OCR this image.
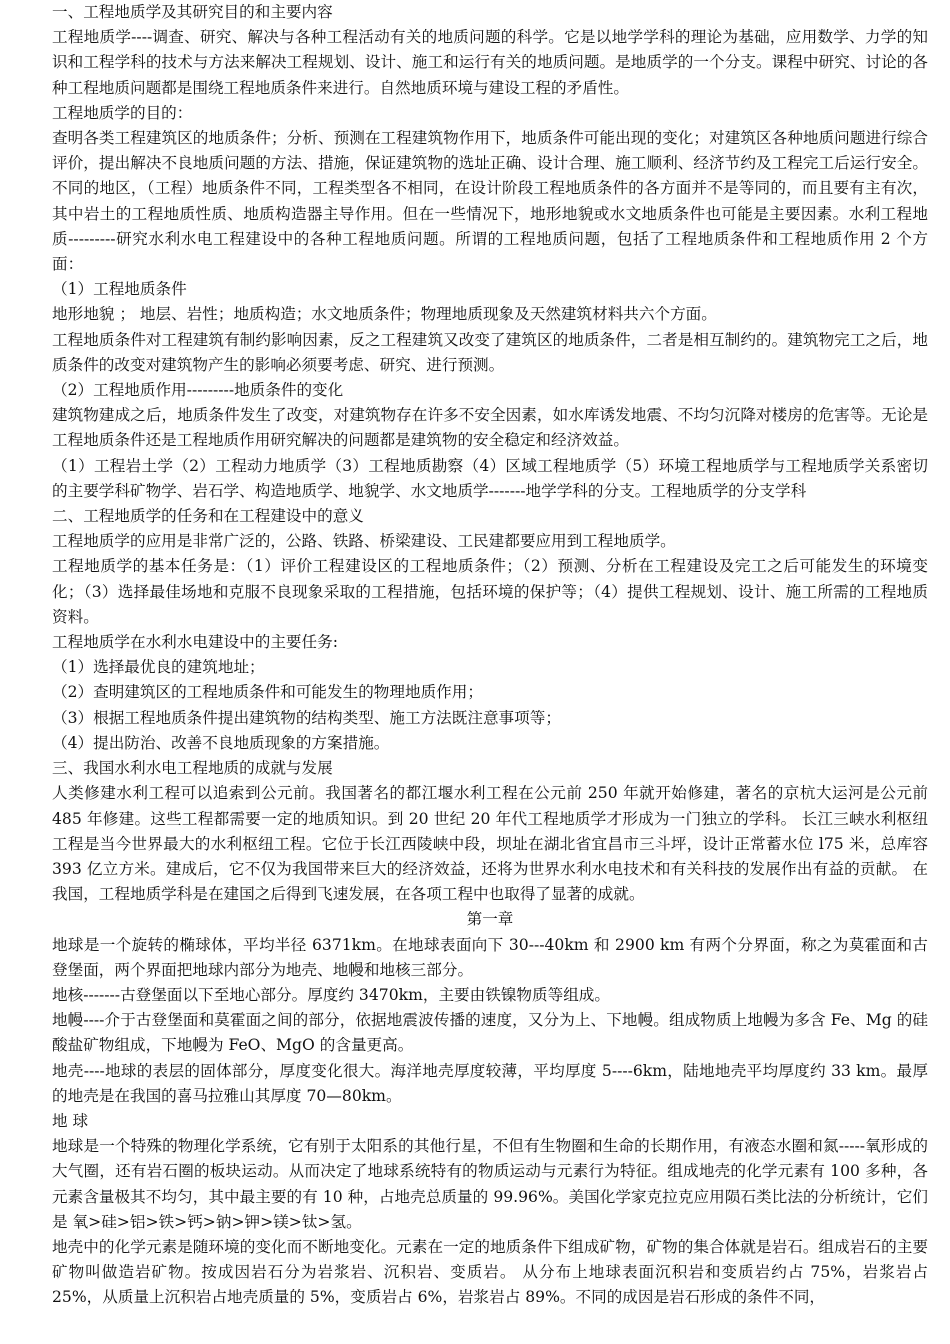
一、工程地质学及其研究目的和主要内容

工程地质学----调查、研究、解决与各种工程活动有关的地质问题的科学。它是以地学学科的理论为基础，应用数学、力学的知识和工程学科的技术与方法来解决工程规划、设计、施工和运行有关的地质问题。是地质学的一个分支。课程中研究、讨论的各种工程地质问题都是围绕工程地质条件来进行。自然地质环境与建设工程的矛盾性。

工程地质学的目的：

查明各类工程建筑区的地质条件；分析、预测在工程建筑物作用下，地质条件可能出现的变化；对建筑区各种地质问题进行综合评价，提出解决不良地质问题的方法、措施，保证建筑物的选址正确、设计合理、施工顺利、经济节约及工程完工后运行安全。不同的地区，（工程）地质条件不同，工程类型各不相同，在设计阶段工程地质条件的各方面并不是等同的，而且要有主有次，其中岩土的工程地质性质、地质构造器主导作用。但在一些情况下，地形地貌或水文地质条件也可能是主要因素。水利工程地质---------研究水利水电工程建设中的各种工程地质问题。所谓的工程地质问题，包括了工程地质条件和工程地质作用 2 个方面：

（1）工程地质条件

地形地貌 ； 地层、岩性；地质构造；水文地质条件；物理地质现象及天然建筑材料共六个方面。

工程地质条件对工程建筑有制约影响因素，反之工程建筑又改变了建筑区的地质条件，二者是相互制约的。建筑物完工之后，地质条件的改变对建筑物产生的影响必须要考虑、研究、进行预测。

（2）工程地质作用---------地质条件的变化

建筑物建成之后，地质条件发生了改变，对建筑物存在许多不安全因素，如水库诱发地震、不均匀沉降对楼房的危害等。无论是工程地质条件还是工程地质作用研究解决的问题都是建筑物的安全稳定和经济效益。

（1）工程岩土学（2）工程动力地质学（3）工程地质勘察（4）区域工程地质学（5）环境工程地质学与工程地质学关系密切的主要学科矿物学、岩石学、构造地质学、地貌学、水文地质学-------地学学科的分支。工程地质学的分支学科

二、工程地质学的任务和在工程建设中的意义

工程地质学的应用是非常广泛的，公路、铁路、桥梁建设、工民建都要应用到工程地质学。

工程地质学的基本任务是：（1）评价工程建设区的工程地质条件；（2）预测、分析在工程建设及完工之后可能发生的环境变化；（3）选择最佳场地和克服不良现象采取的工程措施，包括环境的保护等；（4）提供工程规划、设计、施工所需的工程地质资料。

工程地质学在水利水电建设中的主要任务:

（1）选择最优良的建筑地址；

（2）查明建筑区的工程地质条件和可能发生的物理地质作用；

（3）根据工程地质条件提出建筑物的结构类型、施工方法既注意事项等；

（4）提出防治、改善不良地质现象的方案措施。

三、我国水利水电工程地质的成就与发展

人类修建水利工程可以追索到公元前。我国著名的都江堰水利工程在公元前 250 年就开始修建，著名的京杭大运河是公元前 485 年修建。这些工程都需要一定的地质知识。到 20 世纪 20 年代工程地质学才形成为一门独立的学科。 长江三峡水利枢纽工程是当今世界最大的水利枢纽工程。它位于长江西陵峡中段，坝址在湖北省宜昌市三斗坪，设计正常蓄水位 l75 米，总库容 393 亿立方米。建成后，它不仅为我国带来巨大的经济效益，还将为世界水利水电技术和有关科技的发展作出有益的贡献。 在我国，工程地质学科是在建国之后得到飞速发展，在各项工程中也取得了显著的成就。

第一章

地球是一个旋转的椭球体，平均半径 6371km。在地球表面向下 30---40km 和 2900 km 有两个分界面，称之为莫霍面和古登堡面，两个界面把地球内部分为地壳、地幔和地核三部分。

地核-------古登堡面以下至地心部分。厚度约 3470km，主要由铁镍物质等组成。

地幔----介于古登堡面和莫霍面之间的部分，依据地震波传播的速度，又分为上、下地幔。组成物质上地幔为多含 Fe、Mg 的硅酸盐矿物组成，下地幔为 FeO、MgO 的含量更高。

地壳----地球的表层的固体部分，厚度变化很大。海洋地壳厚度较薄，平均厚度 5----6km，陆地地壳平均厚度约 33 km。最厚的地壳是在我国的喜马拉雅山其厚度 70—80km。

地 球

地球是一个特殊的物理化学系统，它有别于太阳系的其他行星，不但有生物圈和生命的长期作用，有液态水圈和氮-----氧形成的大气圈，还有岩石圈的板块运动。从而决定了地球系统特有的物质运动与元素行为特征。组成地壳的化学元素有 100 多种，各元素含量极其不均匀，其中最主要的有 10 种，占地壳总质量的 99.96%。美国化学家克拉克应用陨石类比法的分析统计，它们是 氧>硅>铝>铁>钙>钠>钾>镁>钛>氢。

地壳中的化学元素是随环境的变化而不断地变化。元素在一定的地质条件下组成矿物，矿物的集合体就是岩石。组成岩石的主要矿物叫做造岩矿物。按成因岩石分为岩浆岩、沉积岩、变质岩。 从分布上地球表面沉积岩和变质岩约占 75%，岩浆岩占 25%，从质量上沉积岩占地壳质量的 5%，变质岩占 6%，岩浆岩占 89%。不同的成因是岩石形成的条件不同，
